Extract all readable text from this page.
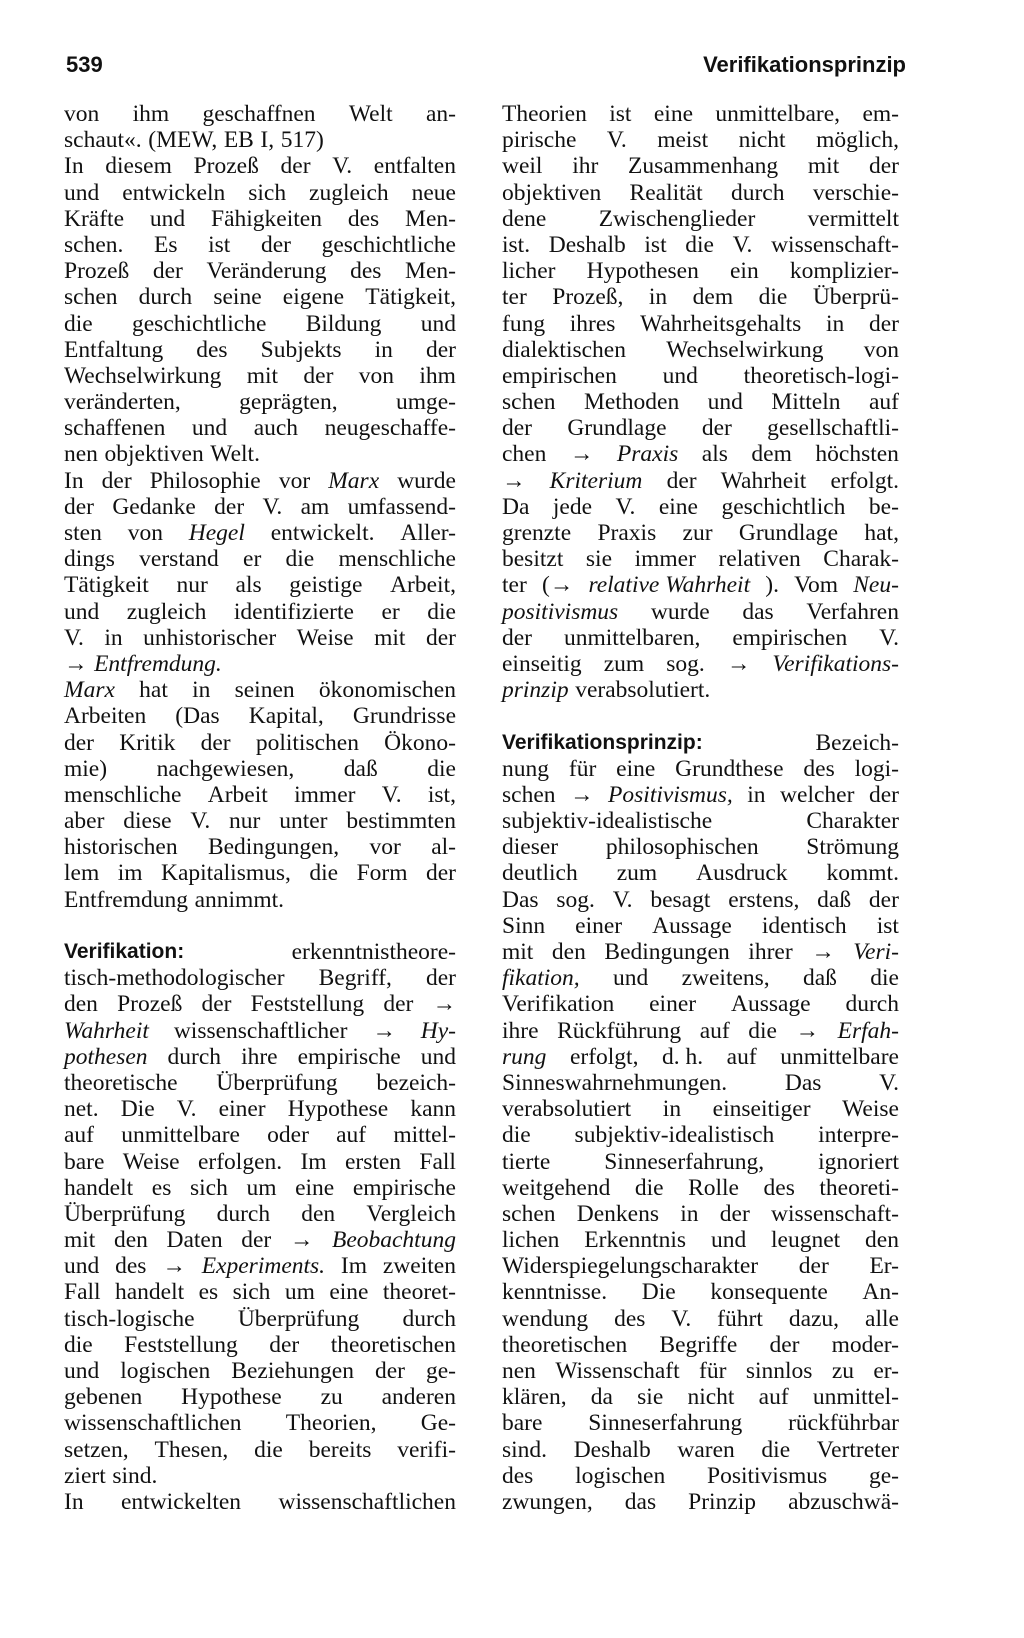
539	Verifikationsprinzip
von ihm geschaffnen Welt an-
schaut«. (MEW, EB I, 517)
In diesem Prozeß der V. entfalten
und entwickeln sich zugleich neue
Kräfte und Fähigkeiten des Men-
schen. Es ist der geschichtliche
Prozeß der Veränderung des Men-
schen durch seine eigene Tätigkeit,
die geschichtliche Bildung und
Entfaltung des Subjekts in der
Wechselwirkung mit der von ihm
veränderten, geprägten, umge-
schaffenen und auch neugeschaffe-
nen objektiven Welt.
In der Philosophie vor Marx wurde
der Gedanke der V. am umfassend-
sten von Hegel entwickelt. Aller-
dings verstand er die menschliche
Tätigkeit nur als geistige Arbeit,
und zugleich identifizierte er die
V. in unhistorischer Weise mit der
→ Entfremdung.
Marx hat in seinen ökonomischen
Arbeiten (Das Kapital, Grundrisse
der Kritik der politischen Ökono-
mie) nachgewiesen, daß die
menschliche Arbeit immer V. ist,
aber diese V. nur unter bestimmten
historischen Bedingungen, vor al-
lem im Kapitalismus, die Form der
Entfremdung annimmt.
Verifikation:	erkenntnistheore-
tisch-methodologischer Begriff, der
den Prozeß der Feststellung der →
Wahrheit wissenschaftlicher → Hy-
pothesen durch ihre empirische und
theoretische Überprüfung bezeich-
net. Die V. einer Hypothese kann
auf unmittelbare oder auf mittel-
bare Weise erfolgen. Im ersten Fall
handelt es sich um eine empirische
Überprüfung durch den Vergleich
mit den Daten der → Beobachtung
und des → Experiments. Im zweiten
Fall handelt es sich um eine theoret-
tisch-logische Überprüfung durch
die Feststellung der theoretischen
und logischen Beziehungen der ge-
gebenen Hypothese zu anderen
wissenschaftlichen Theorien, Ge-
setzen, Thesen, die bereits verifi-
ziert sind.
In entwickelten wissenschaftlichen
Theorien ist eine unmittelbare, em-
pirische V. meist nicht möglich,
weil ihr Zusammenhang mit der
objektiven Realität durch verschie-
dene Zwischenglieder vermittelt
ist. Deshalb ist die V. wissenschaft-
licher Hypothesen ein komplizier-
ter Prozeß, in dem die Überprü-
fung ihres Wahrheitsgehalts in der
dialektischen Wechselwirkung von
empirischen und theoretisch-logi-
schen Methoden und Mitteln auf
der Grundlage der gesellschaftli-
chen → Praxis als dem höchsten
→ Kriterium der Wahrheit erfolgt.
Da jede V. eine geschichtlich be-
grenzte Praxis zur Grundlage hat,
besitzt sie immer relativen Charak-
ter (→ relative Wahrheit ). Vom Neu-
positivismus wurde das Verfahren
der unmittelbaren, empirischen V.
einseitig zum sog. → Verifikations-
prinzip verabsolutiert.
Verifikationsprinzip:	Bezeich-
nung für eine Grundthese des logi-
schen → Positivismus, in welcher der
subjektiv-idealistische	Charakter
dieser philosophischen Strömung
deutlich zum Ausdruck kommt.
Das sog. V. besagt erstens, daß der
Sinn einer Aussage identisch ist
mit den Bedingungen ihrer → Veri-
fikation, und zweitens, daß die
Verifikation einer Aussage durch
ihre Rückführung auf die → Erfah-
rung erfolgt, d. h. auf unmittelbare
Sinneswahrnehmungen. Das V.
verabsolutiert in einseitiger Weise
die subjektiv-idealistisch interpre-
tierte Sinneserfahrung, ignoriert
weitgehend die Rolle des theoreti-
schen Denkens in der wissenschaft-
lichen Erkenntnis und leugnet den
Widerspiegelungscharakter der Er-
kenntnisse. Die konsequente An-
wendung des V. führt dazu, alle
theoretischen Begriffe der moder-
nen Wissenschaft für sinnlos zu er-
klären, da sie nicht auf unmittel-
bare Sinneserfahrung rückführbar
sind. Deshalb waren die Vertreter
des logischen Positivismus ge-
zwungen, das Prinzip abzuschwä-
